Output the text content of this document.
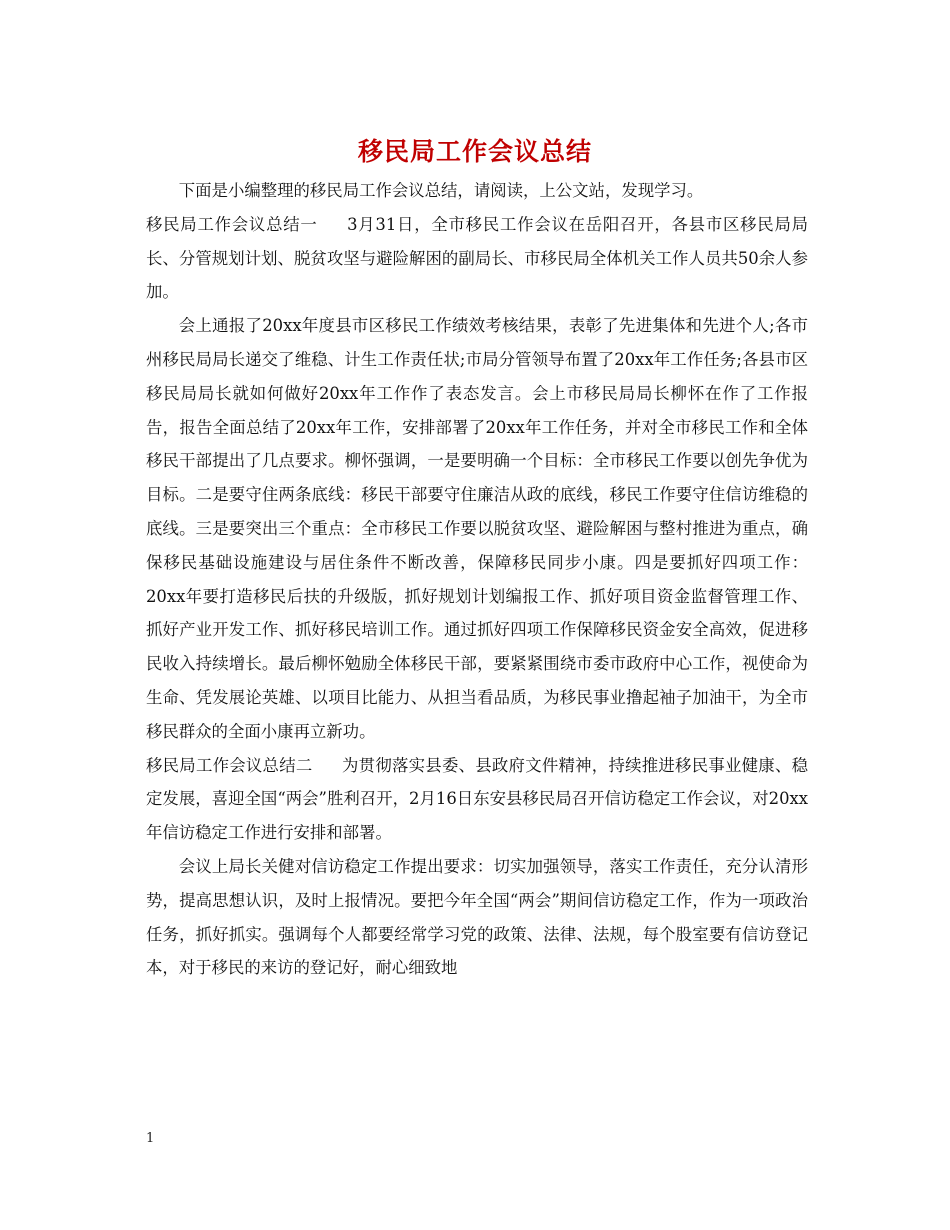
移民局工作会议总结

下面是小编整理的移民局工作会议总结，请阅读，上公文站，发现学习。

移民局工作会议总结一 3月31日，全市移民工作会议在岳阳召开，各县市区移民局局长、分管规划计划、脱贫攻坚与避险解困的副局长、市移民局全体机关工作人员共50余人参加。

会上通报了20xx年度县市区移民工作绩效考核结果，表彰了先进集体和先进个人;各市州移民局局长递交了维稳、计生工作责任状;市局分管领导布置了20xx年工作任务;各县市区移民局局长就如何做好20xx年工作作了表态发言。会上市移民局局长柳怀在作了工作报告，报告全面总结了20xx年工作，安排部署了20xx年工作任务，并对全市移民工作和全体移民干部提出了几点要求。柳怀强调，一是要明确一个目标：全市移民工作要以创先争优为目标。二是要守住两条底线：移民干部要守住廉洁从政的底线，移民工作要守住信访维稳的底线。三是要突出三个重点：全市移民工作要以脱贫攻坚、避险解困与整村推进为重点，确保移民基础设施建设与居住条件不断改善，保障移民同步小康。四是要抓好四项工作：20xx年要打造移民后扶的升级版，抓好规划计划编报工作、抓好项目资金监督管理工作、抓好产业开发工作、抓好移民培训工作。通过抓好四项工作保障移民资金安全高效，促进移民收入持续增长。最后柳怀勉励全体移民干部，要紧紧围绕市委市政府中心工作，视使命为生命、凭发展论英雄、以项目比能力、从担当看品质，为移民事业撸起袖子加油干，为全市移民群众的全面小康再立新功。

移民局工作会议总结二 为贯彻落实县委、县政府文件精神，持续推进移民事业健康、稳定发展，喜迎全国“两会”胜利召开，2月16日东安县移民局召开信访稳定工作会议，对20xx年信访稳定工作进行安排和部署。

会议上局长关健对信访稳定工作提出要求：切实加强领导，落实工作责任，充分认清形势，提高思想认识，及时上报情况。要把今年全国“两会”期间信访稳定工作，作为一项政治任务，抓好抓实。强调每个人都要经常学习党的政策、法律、法规，每个股室要有信访登记本，对于移民的来访的登记好，耐心细致地

1
